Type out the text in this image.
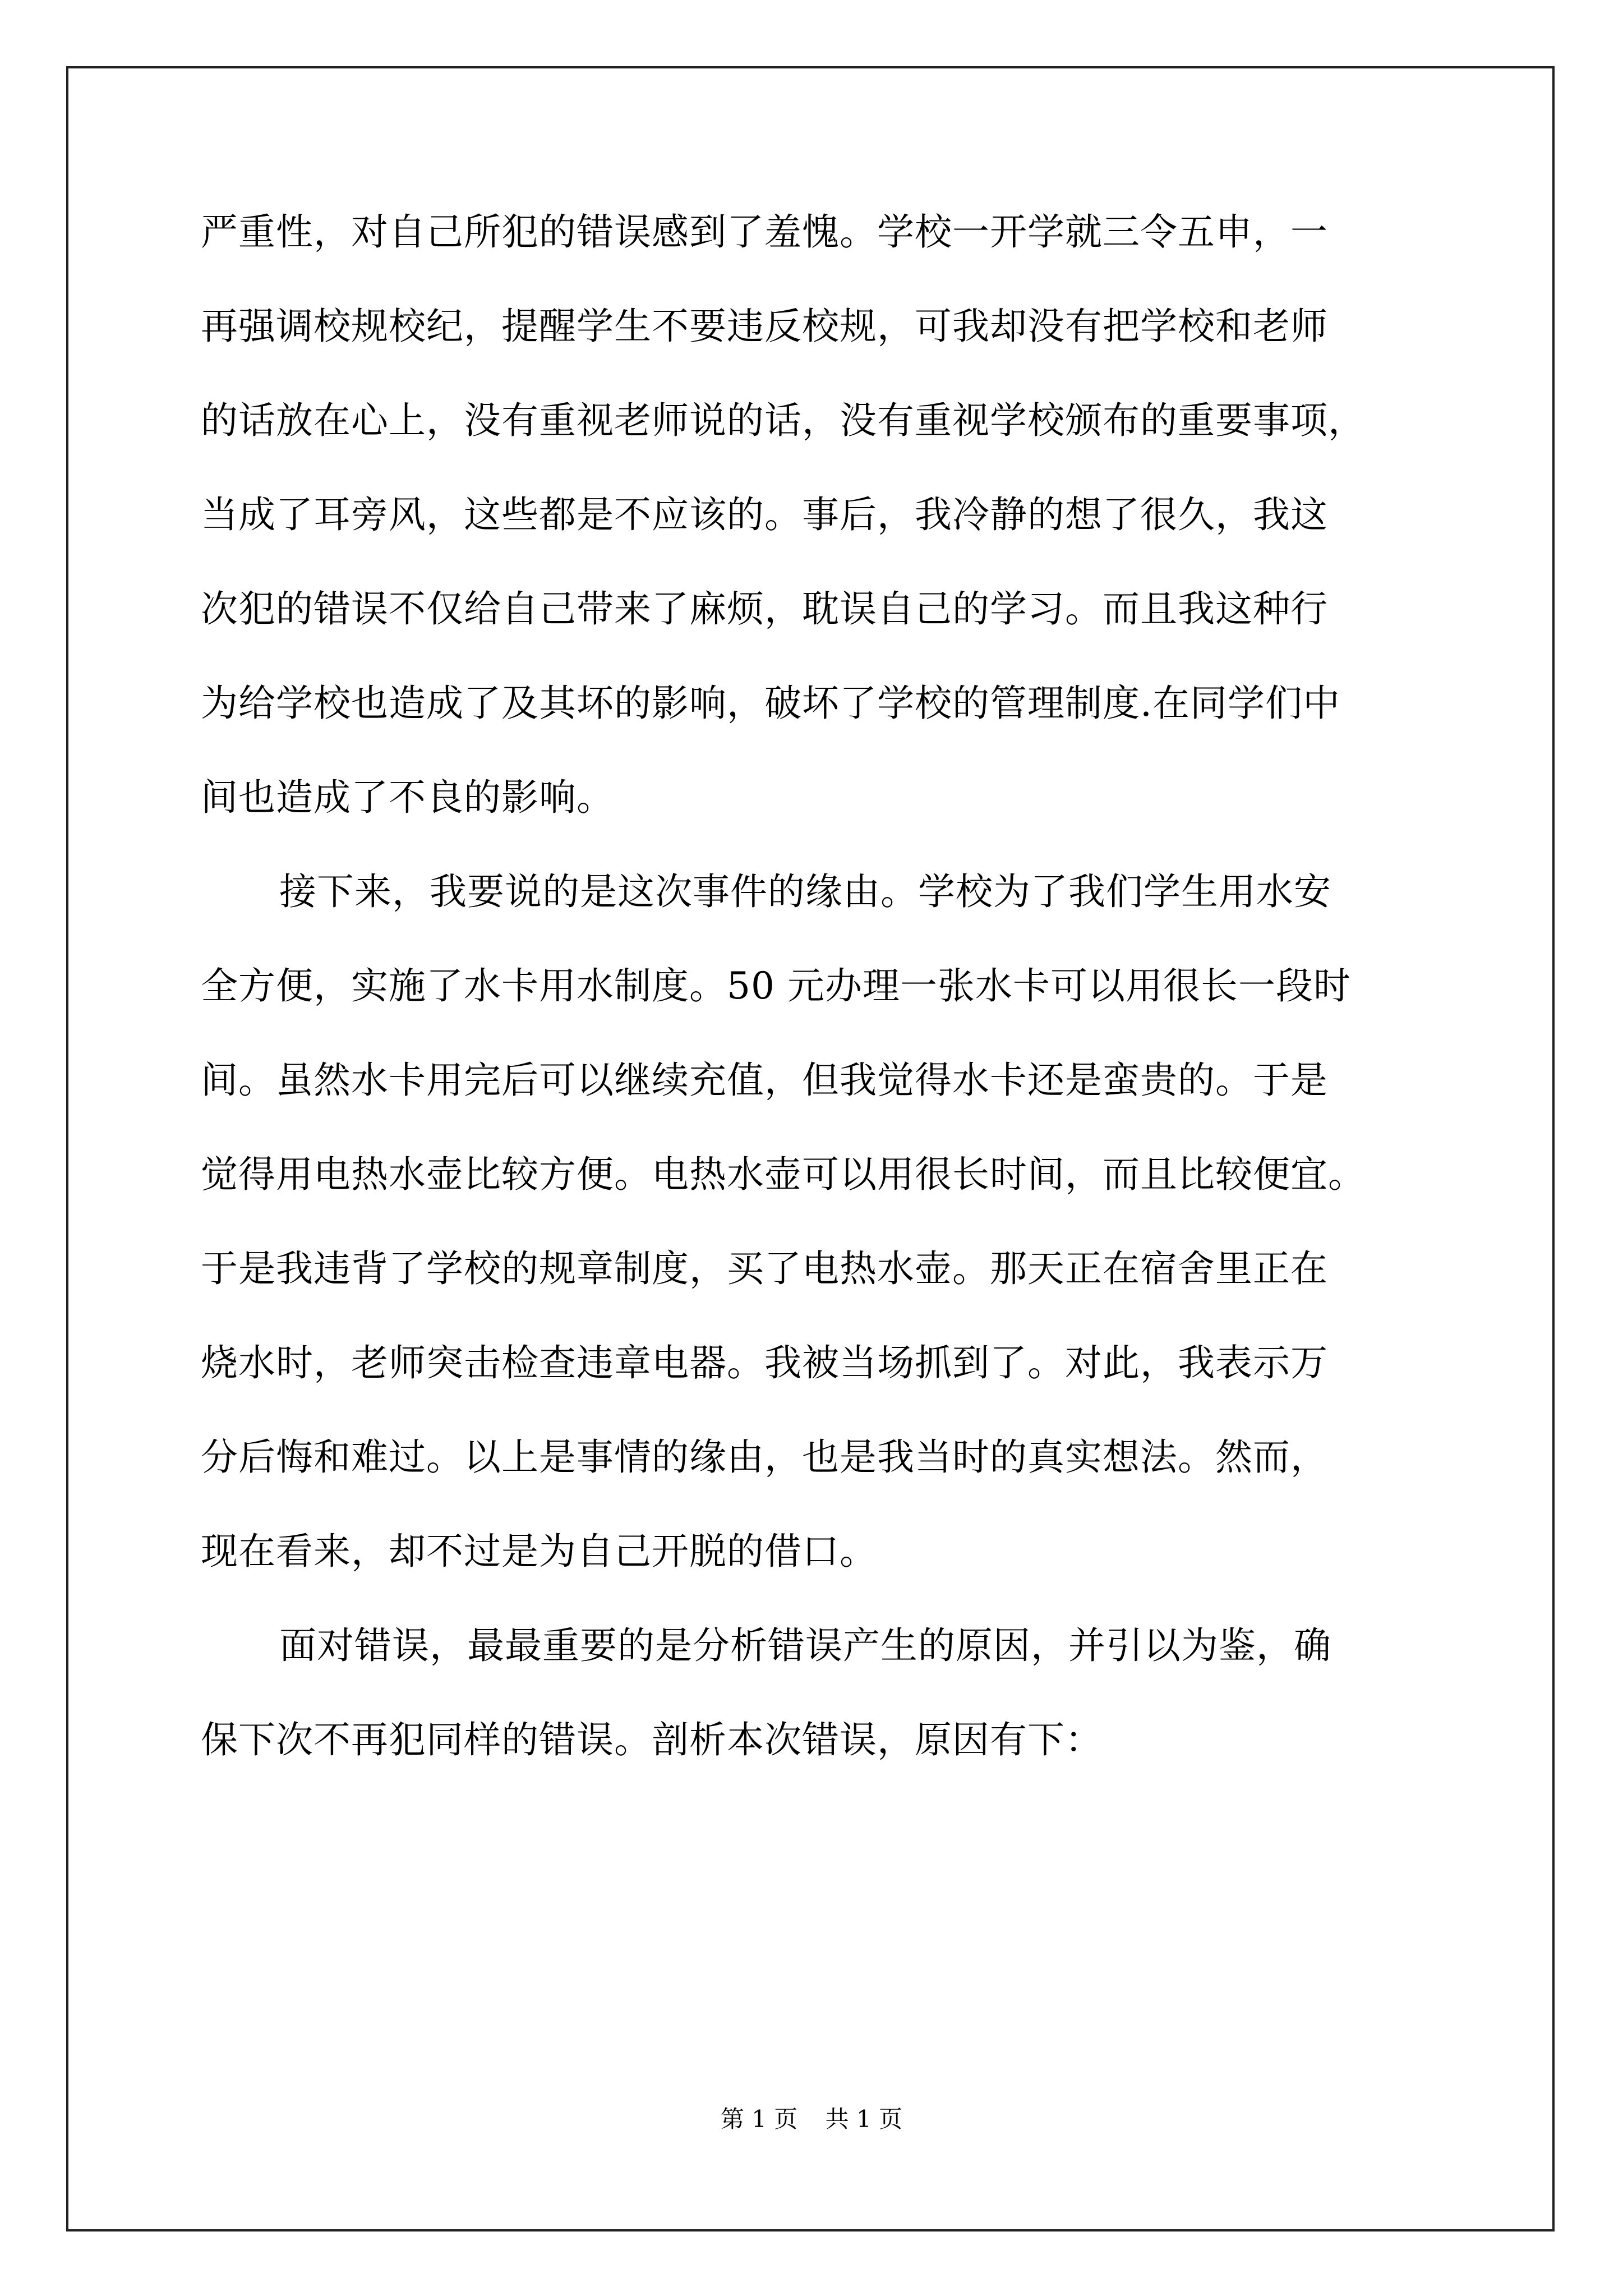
严重性，对自己所犯的错误感到了羞愧。学校一开学就三令五申，一
再强调校规校纪，提醒学生不要违反校规，可我却没有把学校和老师
的话放在心上，没有重视老师说的话，没有重视学校颁布的重要事项，
当成了耳旁风，这些都是不应该的。事后，我冷静的想了很久，我这
次犯的错误不仅给自己带来了麻烦，耽误自己的学习。而且我这种行
为给学校也造成了及其坏的影响，破坏了学校的管理制度.在同学们中
间也造成了不良的影响。
接下来，我要说的是这次事件的缘由。学校为了我们学生用水安
全方便，实施了水卡用水制度。50 元办理一张水卡可以用很长一段时
间。虽然水卡用完后可以继续充值，但我觉得水卡还是蛮贵的。于是
觉得用电热水壶比较方便。电热水壶可以用很长时间，而且比较便宜。
于是我违背了学校的规章制度，买了电热水壶。那天正在宿舍里正在
烧水时，老师突击检查违章电器。我被当场抓到了。对此，我表示万
分后悔和难过。以上是事情的缘由，也是我当时的真实想法。然而，
现在看来，却不过是为自己开脱的借口。
面对错误，最最重要的是分析错误产生的原因，并引以为鉴，确
保下次不再犯同样的错误。剖析本次错误，原因有下：
第 1 页 共 1 页
